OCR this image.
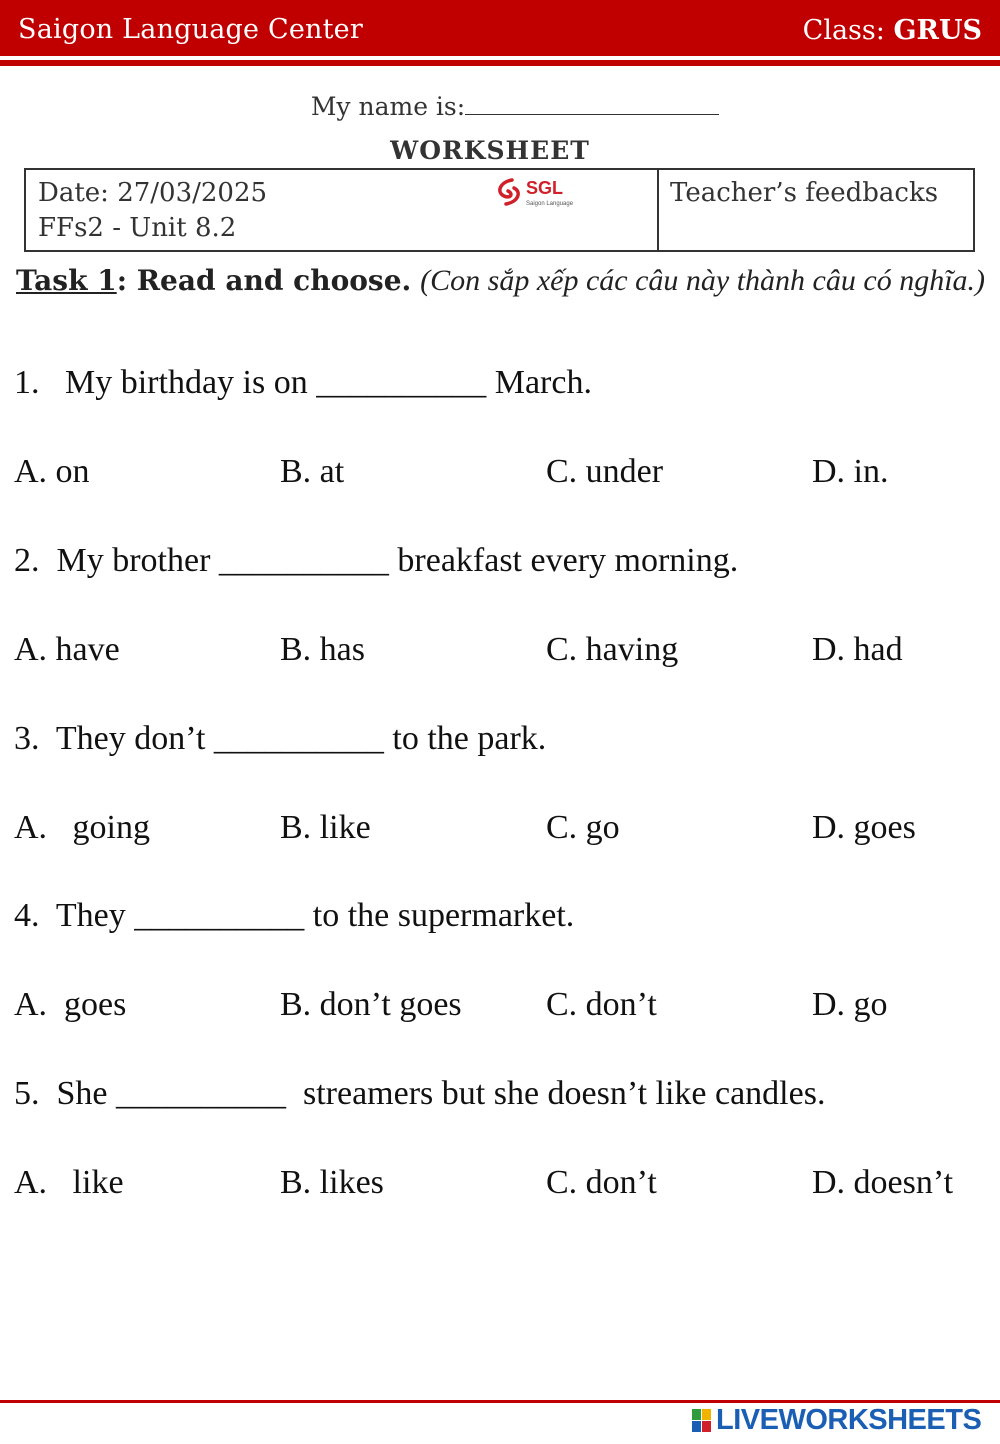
Saigon Language Center	Class: GRUS
My name is:
WORKSHEET
Date: 27/03/2025
FFs2 - Unit 8.2
SGL
Saigon Language	Teacher’s feedbacks
Task 1: Read and choose. (Con sắp xếp các câu này thành câu có nghĩa.)
1.   My birthday is on __________ March.
A. on	B. at	C. under	D. in.
2.  My brother __________ breakfast every morning.
A. have	B. has	C. having	D. had
3.  They don’t __________ to the park.
A.   going	B. like	C. go	D. goes
4.  They __________ to the supermarket.
A.  goes	B. don’t goes C. don’t	D. go
5.  She __________  streamers but she doesn’t like candles.
A.   like	B. likes	C. don’t	D. doesn’t
LIVEWORKSHEETS
